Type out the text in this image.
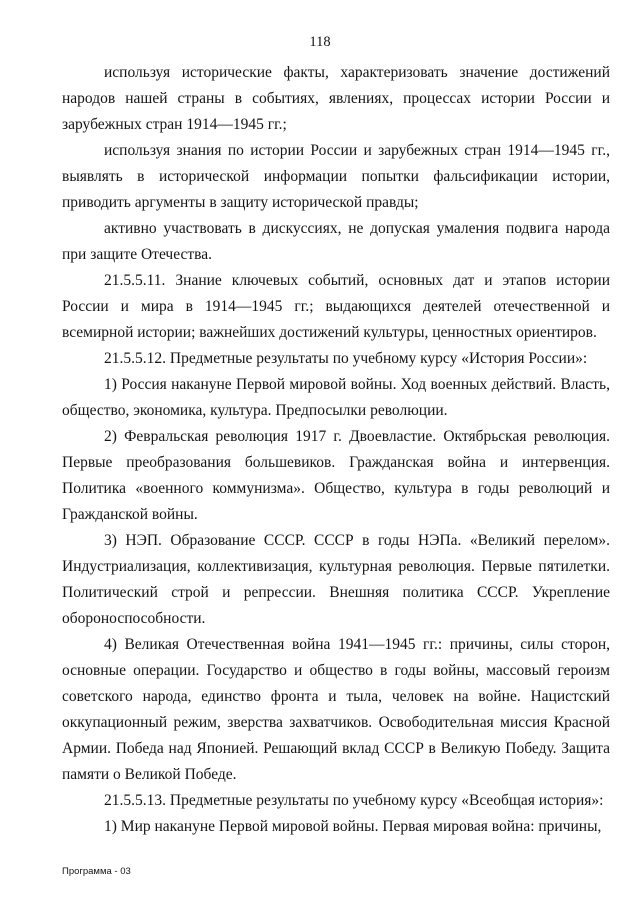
118

используя исторические факты, характеризовать значение достижений народов нашей страны в событиях, явлениях, процессах истории России и зарубежных стран 1914—1945 гг.;

используя знания по истории России и зарубежных стран 1914—1945 гг., выявлять в исторической информации попытки фальсификации истории, приводить аргументы в защиту исторической правды;

активно участвовать в дискуссиях, не допуская умаления подвига народа при защите Отечества.

21.5.5.11. Знание ключевых событий, основных дат и этапов истории России и мира в 1914—1945 гг.; выдающихся деятелей отечественной и всемирной истории; важнейших достижений культуры, ценностных ориентиров.

21.5.5.12. Предметные результаты по учебному курсу «История России»:

1) Россия накануне Первой мировой войны. Ход военных действий. Власть, общество, экономика, культура. Предпосылки революции.

2) Февральская революция 1917 г. Двоевластие. Октябрьская революция. Первые преобразования большевиков. Гражданская война и интервенция. Политика «военного коммунизма». Общество, культура в годы революций и Гражданской войны.

3) НЭП. Образование СССР. СССР в годы НЭПа. «Великий перелом». Индустриализация, коллективизация, культурная революция. Первые пятилетки. Политический строй и репрессии. Внешняя политика СССР. Укрепление обороноспособности.

4) Великая Отечественная война 1941—1945 гг.: причины, силы сторон, основные операции. Государство и общество в годы войны, массовый героизм советского народа, единство фронта и тыла, человек на войне. Нацистский оккупационный режим, зверства захватчиков. Освободительная миссия Красной Армии. Победа над Японией. Решающий вклад СССР в Великую Победу. Защита памяти о Великой Победе.

21.5.5.13. Предметные результаты по учебному курсу «Всеобщая история»:

1) Мир накануне Первой мировой войны. Первая мировая война: причины,

Программа - 03
